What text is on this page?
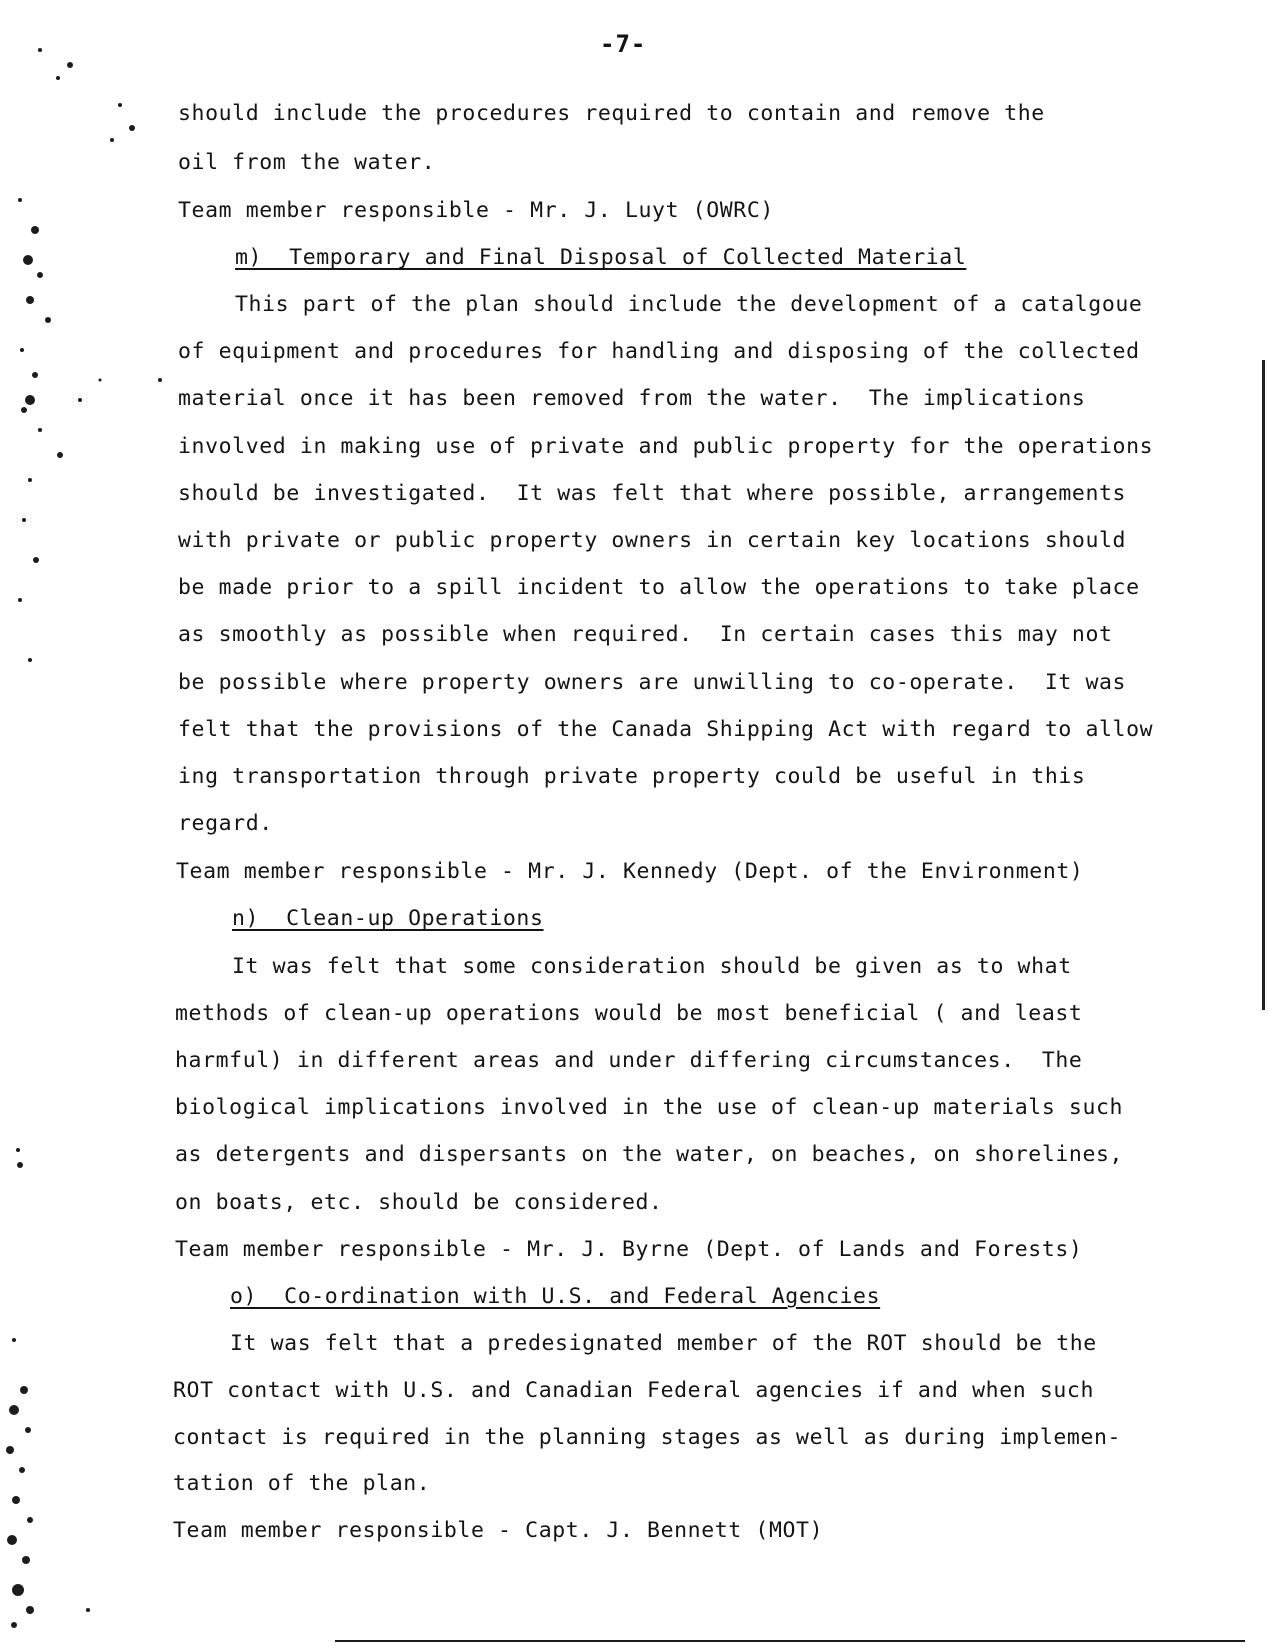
-7-
should include the procedures required to contain and remove the
oil from the water.
Team member responsible - Mr. J. Luyt (OWRC)
m)  Temporary and Final Disposal of Collected Material
This part of the plan should include the development of a catalgoue
of equipment and procedures for handling and disposing of the collected
material once it has been removed from the water.  The implications
involved in making use of private and public property for the operations
should be investigated.  It was felt that where possible, arrangements
with private or public property owners in certain key locations should
be made prior to a spill incident to allow the operations to take place
as smoothly as possible when required.  In certain cases this may not
be possible where property owners are unwilling to co-operate.  It was
felt that the provisions of the Canada Shipping Act with regard to allow
ing transportation through private property could be useful in this
regard.
Team member responsible - Mr. J. Kennedy (Dept. of the Environment)
n)  Clean-up Operations
It was felt that some consideration should be given as to what
methods of clean-up operations would be most beneficial ( and least
harmful) in different areas and under differing circumstances.  The
biological implications involved in the use of clean-up materials such
as detergents and dispersants on the water, on beaches, on shorelines,
on boats, etc. should be considered.
Team member responsible - Mr. J. Byrne (Dept. of Lands and Forests)
o)  Co-ordination with U.S. and Federal Agencies
It was felt that a predesignated member of the ROT should be the
ROT contact with U.S. and Canadian Federal agencies if and when such
contact is required in the planning stages as well as during implemen-
tation of the plan.
Team member responsible - Capt. J. Bennett (MOT)
